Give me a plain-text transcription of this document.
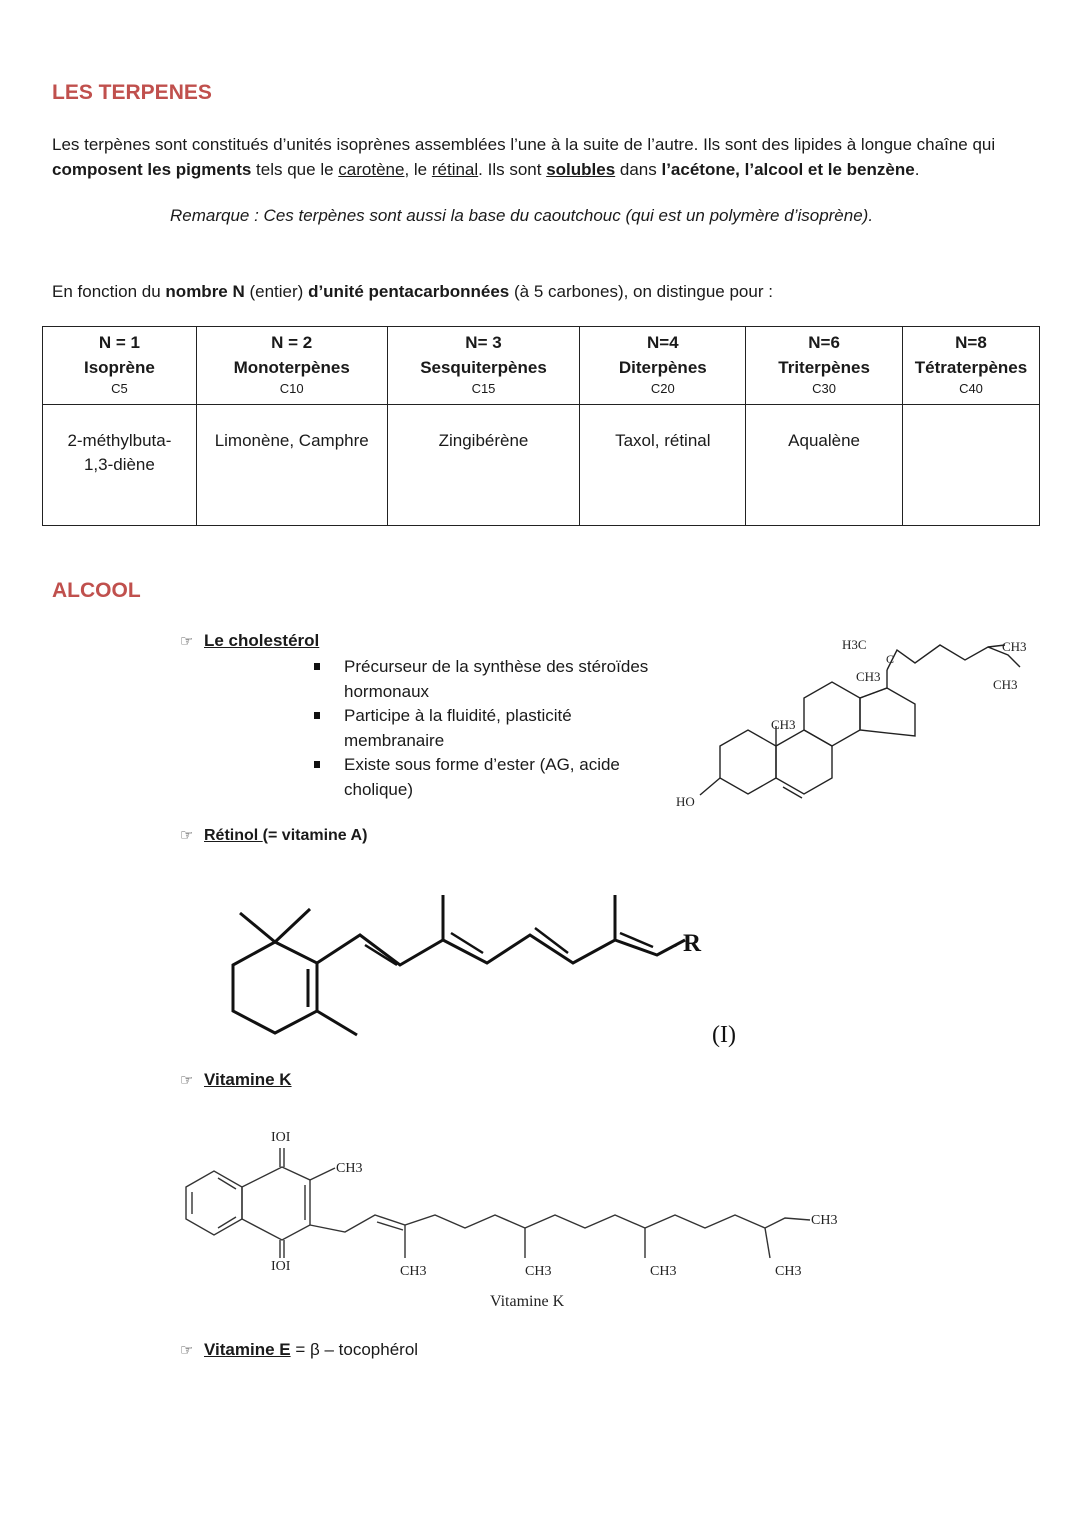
LES TERPENES
Les terpènes sont constitués d’unités isoprènes assemblées l’une à la suite de l’autre. Ils sont des lipides à longue chaîne qui composent les pigments tels que le carotène, le rétinal. Ils sont solubles dans l’acétone, l’alcool et le benzène.
Remarque : Ces terpènes sont aussi la base du caoutchouc (qui est un polymère d’isoprène).
En fonction du nombre N (entier) d’unité pentacarbonnées (à 5 carbones), on distingue pour :
N = 1
Isoprène
C5	N = 2
Monoterpènes
C10	N= 3
Sesquiterpènes
C15	N=4
Diterpènes
C20	N=6
Triterpènes
C30	N=8
Tétraterpènes
C40

2-méthylbuta-
1,3-diène	Limonène, Camphre	Zingibérène	Taxol, rétinal	Aqualène	
ALCOOL
☞ Le cholestérol
Précurseur de la synthèse des stéroïdes hormonaux
Participe à la fluidité, plasticité membranaire
Existe sous forme d’ester (AG, acide cholique)
H3C
C
CH3
CH3
CH3
CH3
HO
☞ Rétinol (= vitamine A)
R
(I)
☞ Vitamine K
IOI
IOI
CH3
CH3	CH3	CH3	CH3
CH3
Vitamine K
☞ Vitamine E = β – tocophérol
